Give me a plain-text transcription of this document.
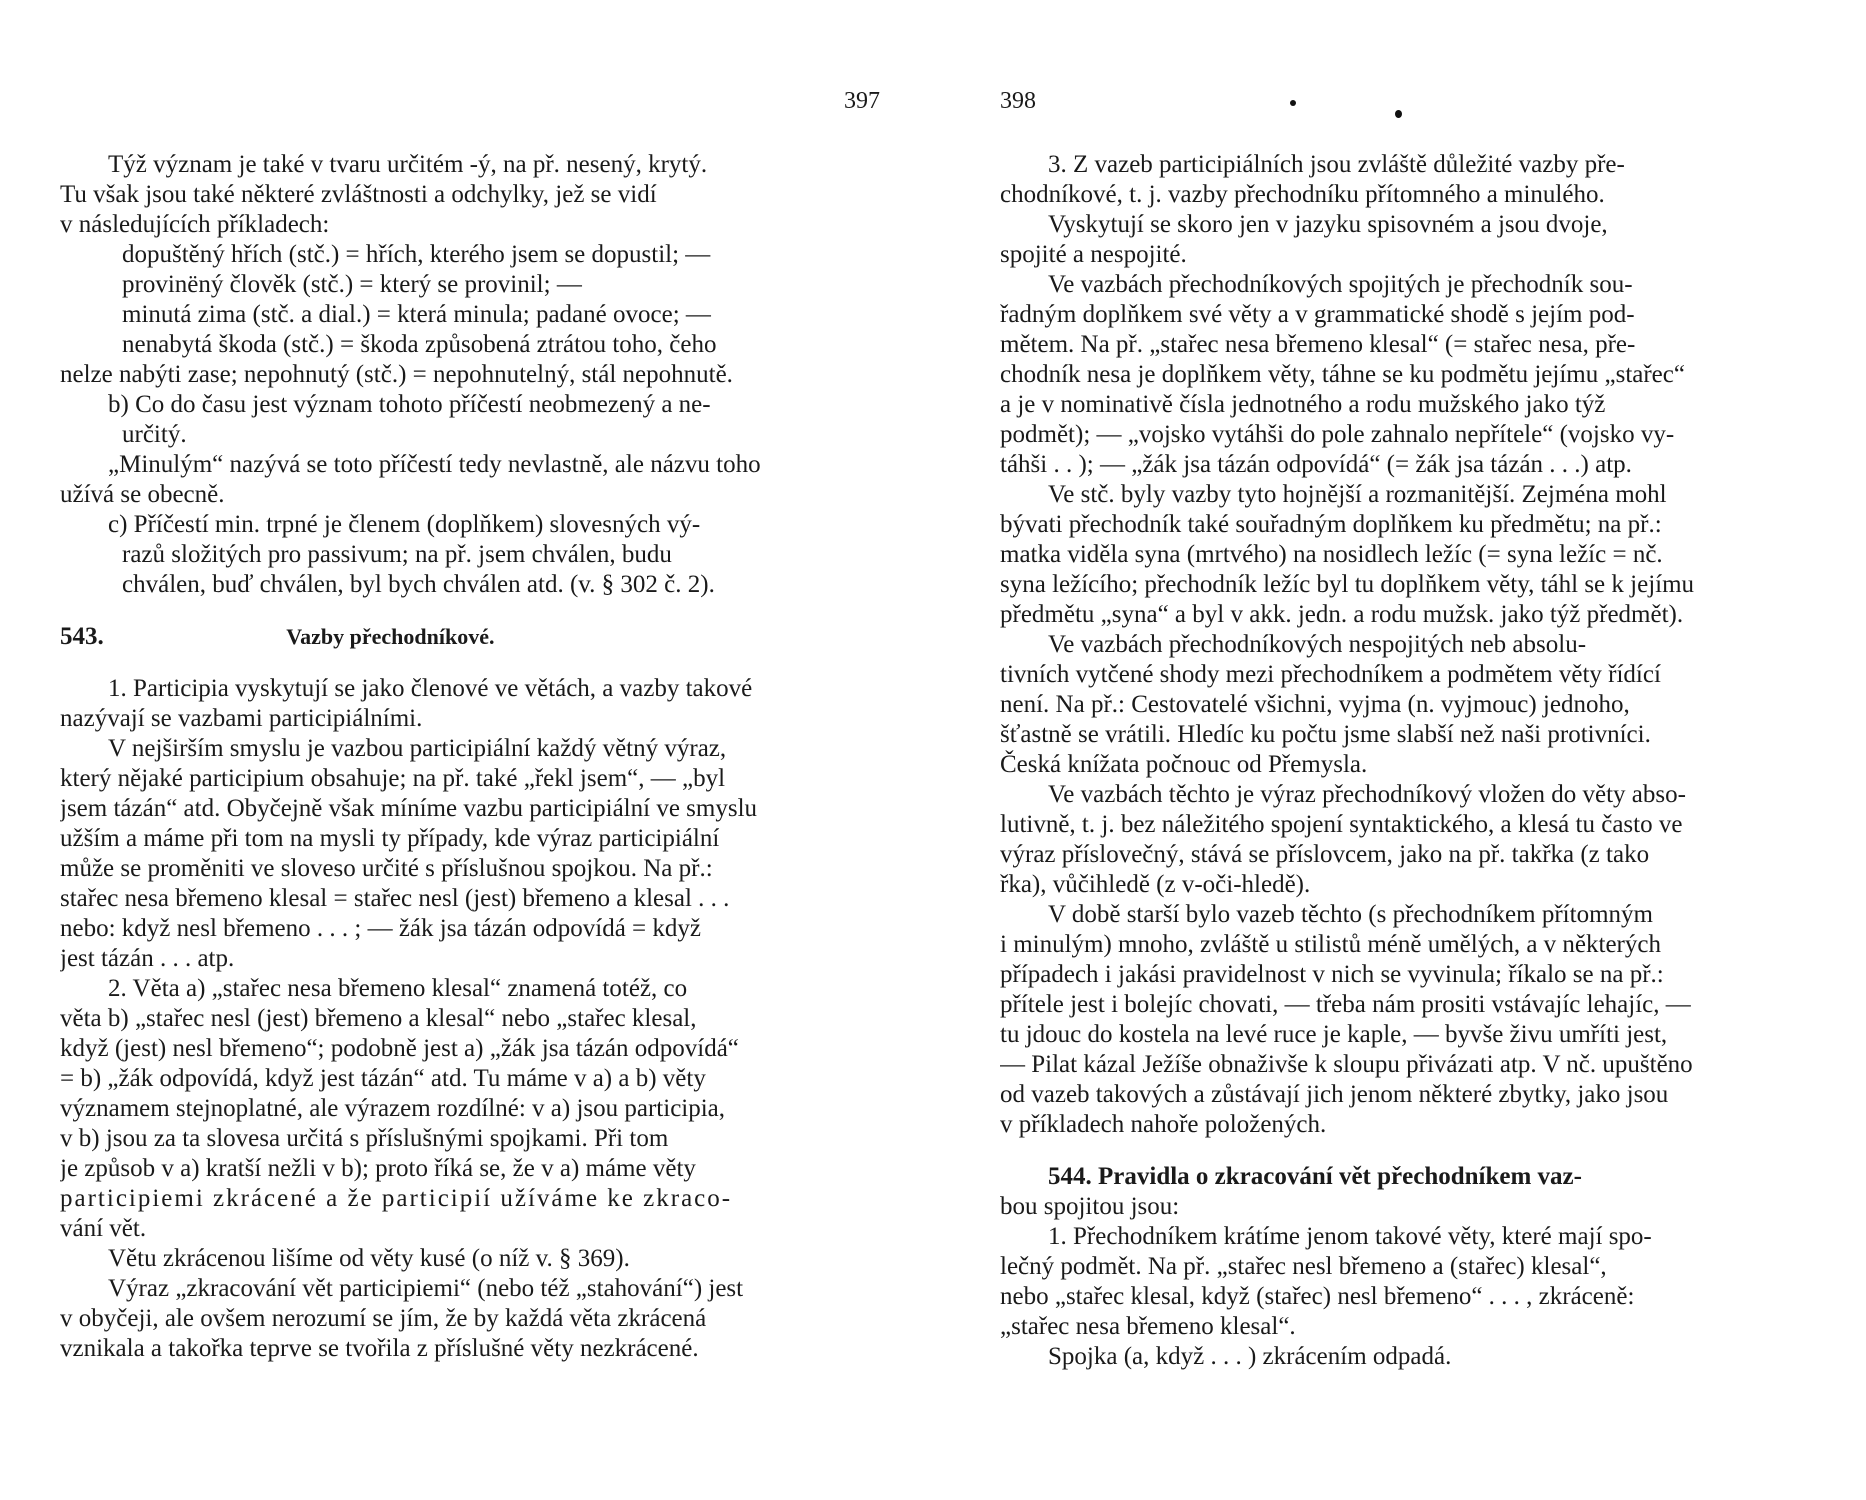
397
Týž význam je také v tvaru určitém -ý, na př. nesený, krytý.
Tu však jsou také některé zvláštnosti a odchylky, jež se vidí
v následujících příkladech:
dopuštěný hřích (stč.) = hřích, kterého jsem se dopustil; —
provinëný člověk (stč.) = který se provinil; —
minutá zima (stč. a dial.) = která minula; padané ovoce; —
nenabytá škoda (stč.) = škoda způsobená ztrátou toho, čeho
nelze nabýti zase; nepohnutý (stč.) = nepohnutelný, stál nepohnutě.
b) Co do času jest význam tohoto příčestí neobmezený a ne-
určitý.
„Minulým“ nazývá se toto příčestí tedy nevlastně, ale názvu toho
užívá se obecně.
c) Příčestí min. trpné je členem (doplňkem) slovesných vý-
razů složitých pro passivum; na př. jsem chválen, budu
chválen, buď chválen, byl bych chválen atd. (v. § 302 č. 2).
543.	Vazby přechodníkové.
1. Participia vyskytují se jako členové ve větách, a vazby takové
nazývají se vazbami participiálními.
V nejširším smyslu je vazbou participiální každý větný výraz,
který nějaké participium obsahuje; na př. také „řekl jsem“, — „byl
jsem tázán“ atd. Obyčejně však míníme vazbu participiální ve smyslu
užším a máme při tom na mysli ty případy, kde výraz participiální
může se proměniti ve sloveso určité s příslušnou spojkou. Na př.:
stařec nesa břemeno klesal = stařec nesl (jest) břemeno a klesal . . .
nebo: když nesl břemeno . . . ; — žák jsa tázán odpovídá = když
jest tázán . . . atp.
2. Věta a) „stařec nesa břemeno klesal“ znamená totéž, co
věta b) „stařec nesl (jest) břemeno a klesal“ nebo „stařec klesal,
když (jest) nesl břemeno“; podobně jest a) „žák jsa tázán odpovídá“
= b) „žák odpovídá, když jest tázán“ atd. Tu máme v a) a b) věty
významem stejnoplatné, ale výrazem rozdílné: v a) jsou participia,
v b) jsou za ta slovesa určitá s příslušnými spojkami. Při tom
je způsob v a) kratší nežli v b); proto říká se, že v a) máme věty
participiemi zkrácené a že participií užíváme ke zkraco-
vání vět.
Větu zkrácenou lišíme od věty kusé (o níž v. § 369).
Výraz „zkracování vět participiemi“ (nebo též „stahování“) jest
v obyčeji, ale ovšem nerozumí se jím, že by každá věta zkrácená
vznikala a takořka teprve se tvořila z příslušné věty nezkrácené.
398
3. Z vazeb participiálních jsou zvláště důležité vazby pře-
chodníkové, t. j. vazby přechodníku přítomného a minulého.
Vyskytují se skoro jen v jazyku spisovném a jsou dvoje,
spojité a nespojité.
Ve vazbách přechodníkových spojitých je přechodník sou-
řadným doplňkem své věty a v grammatické shodě s jejím pod-
mětem. Na př. „stařec nesa břemeno klesal“ (= stařec nesa, pře-
chodník nesa je doplňkem věty, táhne se ku podmětu jejímu „stařec“
a je v nominativě čísla jednotného a rodu mužského jako týž
podmět); — „vojsko vytáhši do pole zahnalo nepřítele“ (vojsko vy-
táhši . . ); — „žák jsa tázán odpovídá“ (= žák jsa tázán . . .) atp.
Ve stč. byly vazby tyto hojnější a rozmanitější. Zejména mohl
bývati přechodník také souřadným doplňkem ku předmětu; na př.:
matka viděla syna (mrtvého) na nosidlech ležíc (= syna ležíc = nč.
syna ležícího; přechodník ležíc byl tu doplňkem věty, táhl se k jejímu
předmětu „syna“ a byl v akk. jedn. a rodu mužsk. jako týž předmět).
Ve vazbách přechodníkových nespojitých neb absolu-
tivních vytčené shody mezi přechodníkem a podmětem věty řídící
není. Na př.: Cestovatelé všichni, vyjma (n. vyjmouc) jednoho,
šťastně se vrátili. Hledíc ku počtu jsme slabší než naši protivníci.
Česká knížata počnouc od Přemysla.
Ve vazbách těchto je výraz přechodníkový vložen do věty abso-
lutivně, t. j. bez náležitého spojení syntaktického, a klesá tu často ve
výraz příslovečný, stává se příslovcem, jako na př. takřka (z tako
řka), vůčihledě (z v-oči-hledě).
V době starší bylo vazeb těchto (s přechodníkem přítomným
i minulým) mnoho, zvláště u stilistů méně umělých, a v některých
případech i jakási pravidelnost v nich se vyvinula; říkalo se na př.:
přítele jest i bolejíc chovati, — třeba nám prositi vstávajíc lehajíc, —
tu jdouc do kostela na levé ruce je kaple, — byvše živu umříti jest,
— Pilat kázal Ježíše obnaživše k sloupu přivázati atp. V nč. upuštěno
od vazeb takových a zůstávají jich jenom některé zbytky, jako jsou
v příkladech nahoře položených.
544. Pravidla o zkracování vět přechodníkem vaz-
bou spojitou jsou:
1. Přechodníkem krátíme jenom takové věty, které mají spo-
lečný podmět. Na př. „stařec nesl břemeno a (stařec) klesal“,
nebo „stařec klesal, když (stařec) nesl břemeno“ . . . , zkráceně:
„stařec nesa břemeno klesal“.
Spojka (a, když . . . ) zkrácením odpadá.
